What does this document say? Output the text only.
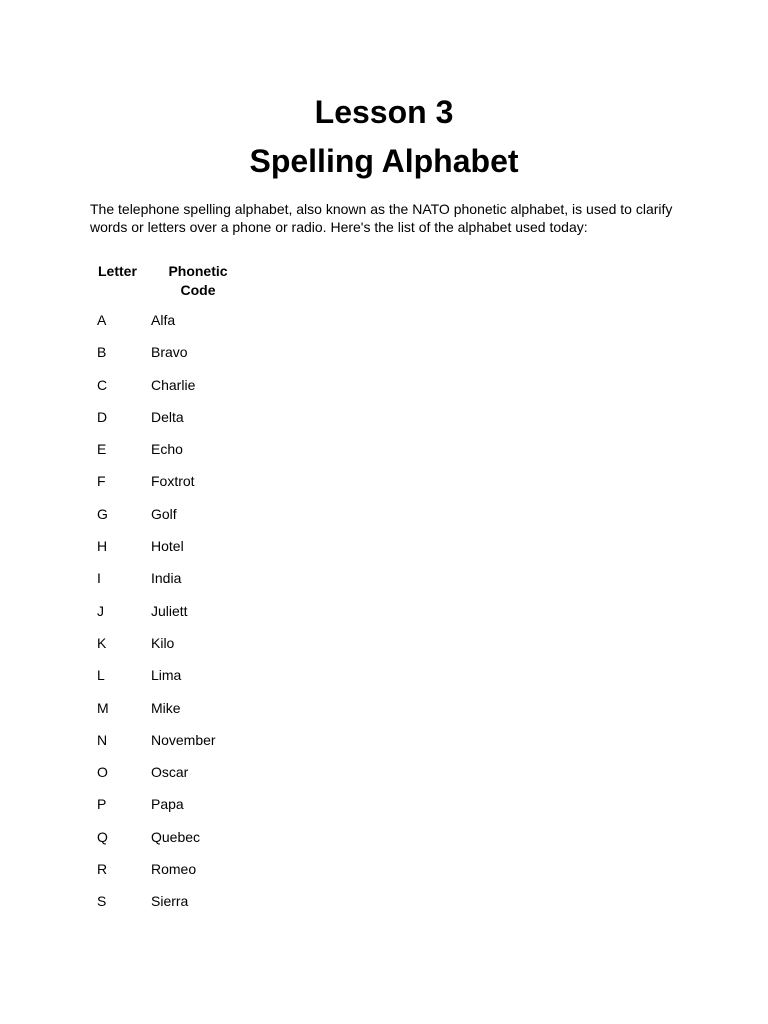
Lesson 3
Spelling Alphabet

The telephone spelling alphabet, also known as the NATO phonetic alphabet, is used to clarify words or letters over a phone or radio. Here's the list of the alphabet used today:

Letter	Phonetic
Code
A	Alfa
B	Bravo
C	Charlie
D	Delta
E	Echo
F	Foxtrot
G	Golf
H	Hotel
I	India
J	Juliett
K	Kilo
L	Lima
M	Mike
N	November
O	Oscar
P	Papa
Q	Quebec
R	Romeo
S	Sierra
